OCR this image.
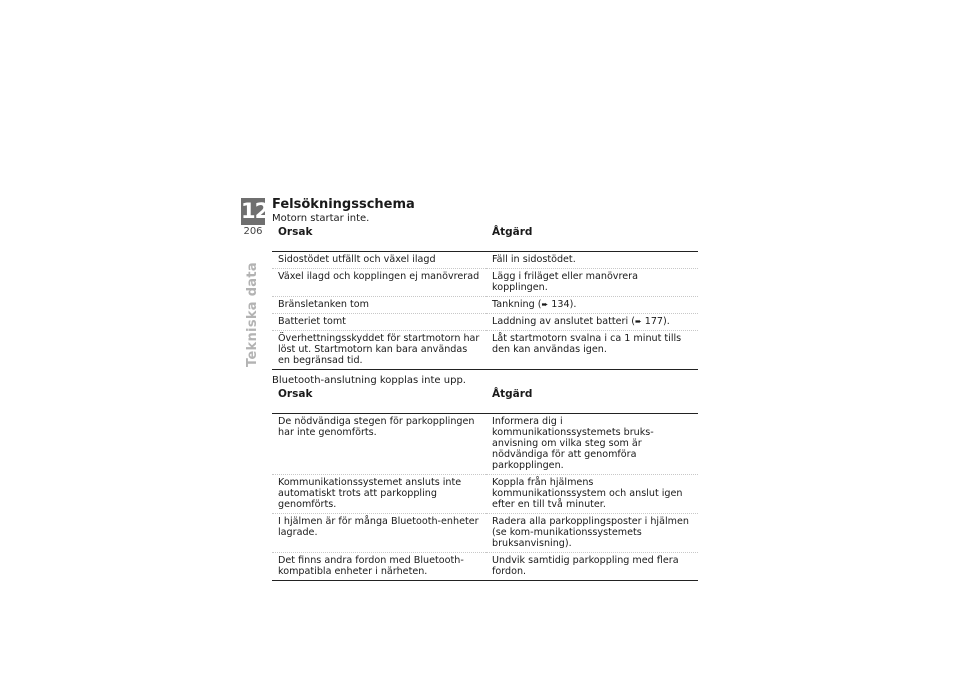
12
206
Tekniska data
Felsökningsschema

Motorn startar inte.

Orsak	Åtgärd
Sidostödet utfällt och växel ilagd	Fäll in sidostödet.
Växel ilagd och kopplingen ej manövrerad	Lägg i friläget eller manövrera kopplingen.
Bränsletanken tom	Tankning (➨ 134).
Batteriet tomt	Laddning av anslutet batteri (➨ 177).
Överhettningsskyddet för startmotorn har löst ut. Startmotorn kan bara användas en begränsad tid.	Låt startmotorn svalna i ca 1 minut tills den kan användas igen.

Bluetooth-anslutning kopplas inte upp.

Orsak	Åtgärd
De nödvändiga stegen för parkopplingen har inte genomförts.	Informera dig i kommunikationssystemets bruks-anvisning om vilka steg som är nödvändiga för att genomföra parkopplingen.
Kommunikationssystemet ansluts inte automatiskt trots att parkoppling genomförts.	Koppla från hjälmens kommunikationssystem och anslut igen efter en till två minuter.
I hjälmen är för många Bluetooth-enheter lagrade.	Radera alla parkopplingsposter i hjälmen (se kom-munikationssystemets bruksanvisning).
Det finns andra fordon med Bluetooth-kompatibla enheter i närheten.	Undvik samtidig parkoppling med flera fordon.
